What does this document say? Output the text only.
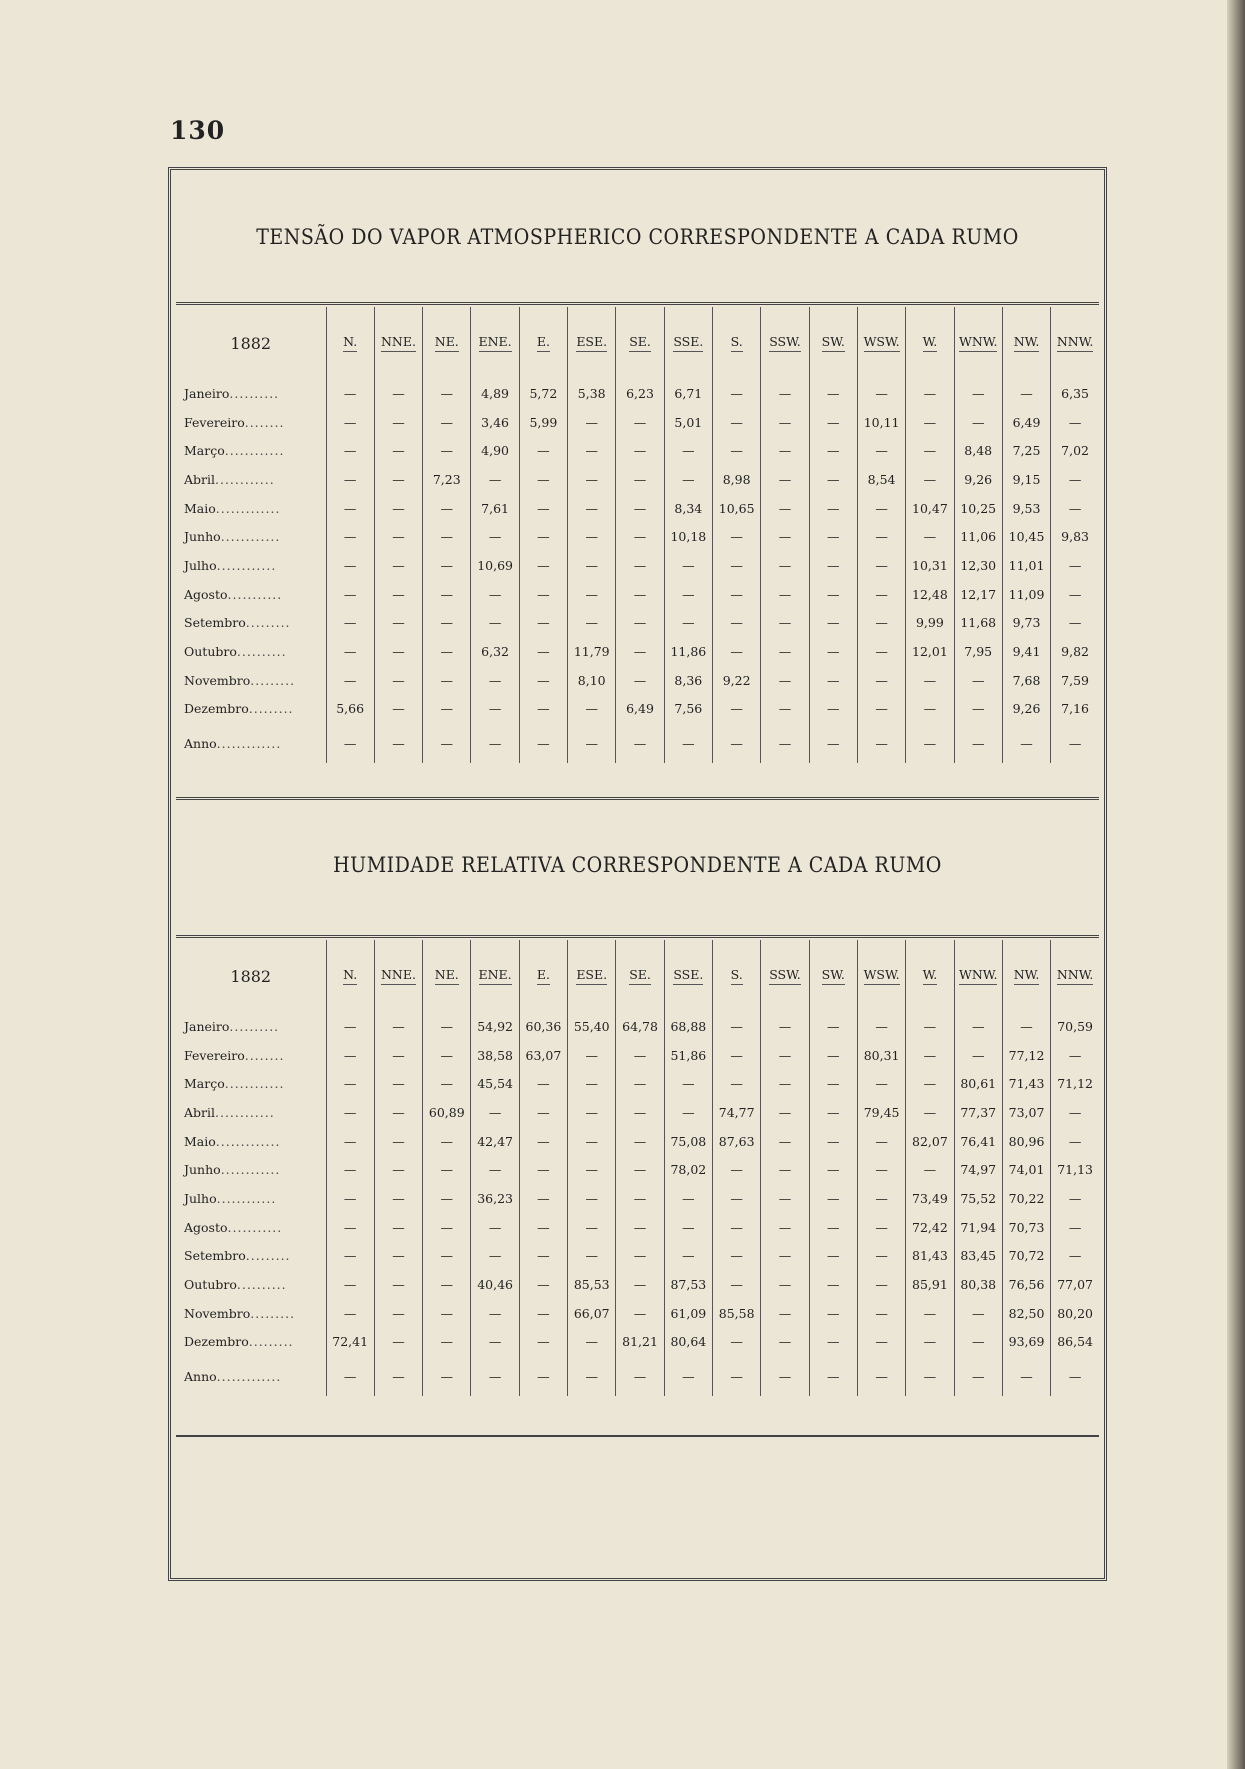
130
TENSÃO DO VAPOR ATMOSPHERICO CORRESPONDENTE A CADA RUMO
1882	N.	NNE.	NE.	ENE.	E.	ESE.	SE.	SSE.	S.	SSW.	SW.	WSW.	W.	WNW.	NW.	NNW.
Janeiro..........	—	—	—	4,89	5,72	5,38	6,23	6,71	—	—	—	—	—	—	—	6,35
Fevereiro........	—	—	—	3,46	5,99	—	—	5,01	—	—	—	10,11	—	—	6,49	—
Março............	—	—	—	4,90	—	—	—	—	—	—	—	—	—	8,48	7,25	7,02
Abril............	—	—	7,23	—	—	—	—	—	8,98	—	—	8,54	—	9,26	9,15	—
Maio.............	—	—	—	7,61	—	—	—	8,34	10,65	—	—	—	10,47	10,25	9,53	—
Junho............	—	—	—	—	—	—	—	10,18	—	—	—	—	—	11,06	10,45	9,83
Julho............	—	—	—	10,69	—	—	—	—	—	—	—	—	10,31	12,30	11,01	—
Agosto...........	—	—	—	—	—	—	—	—	—	—	—	—	12,48	12,17	11,09	—
Setembro.........	—	—	—	—	—	—	—	—	—	—	—	—	9,99	11,68	9,73	—
Outubro..........	—	—	—	6,32	—	11,79	—	11,86	—	—	—	—	12,01	7,95	9,41	9,82
Novembro.........	—	—	—	—	—	8,10	—	8,36	9,22	—	—	—	—	—	7,68	7,59
Dezembro.........	5,66	—	—	—	—	—	6,49	7,56	—	—	—	—	—	—	9,26	7,16
Anno.............	—	—	—	—	—	—	—	—	—	—	—	—	—	—	—	—
HUMIDADE RELATIVA CORRESPONDENTE A CADA RUMO
1882	N.	NNE.	NE.	ENE.	E.	ESE.	SE.	SSE.	S.	SSW.	SW.	WSW.	W.	WNW.	NW.	NNW.
Janeiro..........	—	—	—	54,92	60,36	55,40	64,78	68,88	—	—	—	—	—	—	—	70,59
Fevereiro........	—	—	—	38,58	63,07	—	—	51,86	—	—	—	80,31	—	—	77,12	—
Março............	—	—	—	45,54	—	—	—	—	—	—	—	—	—	80,61	71,43	71,12
Abril............	—	—	60,89	—	—	—	—	—	74,77	—	—	79,45	—	77,37	73,07	—
Maio.............	—	—	—	42,47	—	—	—	75,08	87,63	—	—	—	82,07	76,41	80,96	—
Junho............	—	—	—	—	—	—	—	78,02	—	—	—	—	—	74,97	74,01	71,13
Julho............	—	—	—	36,23	—	—	—	—	—	—	—	—	73,49	75,52	70,22	—
Agosto...........	—	—	—	—	—	—	—	—	—	—	—	—	72,42	71,94	70,73	—
Setembro.........	—	—	—	—	—	—	—	—	—	—	—	—	81,43	83,45	70,72	—
Outubro..........	—	—	—	40,46	—	85,53	—	87,53	—	—	—	—	85,91	80,38	76,56	77,07
Novembro.........	—	—	—	—	—	66,07	—	61,09	85,58	—	—	—	—	—	82,50	80,20
Dezembro.........	72,41	—	—	—	—	—	81,21	80,64	—	—	—	—	—	—	93,69	86,54
Anno.............	—	—	—	—	—	—	—	—	—	—	—	—	—	—	—	—
